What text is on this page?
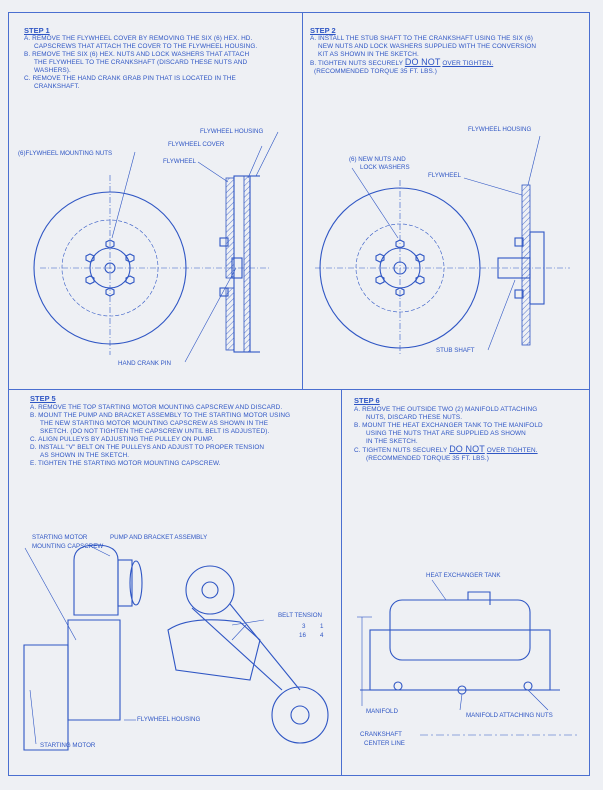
STEP 1
A. REMOVE THE FLYWHEEL COVER BY REMOVING THE SIX (6) HEX. HD.
CAPSCREWS THAT ATTACH THE COVER TO THE FLYWHEEL HOUSING.
B. REMOVE THE SIX (6) HEX. NUTS AND LOCK WASHERS THAT ATTACH
THE FLYWHEEL TO THE CRANKSHAFT (DISCARD THESE NUTS AND
WASHERS).
C. REMOVE THE HAND CRANK GRAB PIN THAT IS LOCATED IN THE
CRANKSHAFT.
FLYWHEEL HOUSING
FLYWHEEL COVER
FLYWHEEL
(6)FLYWHEEL MOUNTING NUTS
HAND CRANK PIN
STEP 2
A. INSTALL THE STUB SHAFT TO THE CRANKSHAFT USING THE SIX (6)
NEW NUTS AND LOCK WASHERS SUPPLIED WITH THE CONVERSION
KIT AS SHOWN IN THE SKETCH.
B. TIGHTEN NUTS SECURELY DO NOT OVER TIGHTEN.
(RECOMMENDED TORQUE 35 FT. LBS.)
FLYWHEEL HOUSING
(6) NEW NUTS AND
LOCK WASHERS
FLYWHEEL
STUB SHAFT
STEP 5
A. REMOVE THE TOP STARTING MOTOR MOUNTING CAPSCREW AND DISCARD.
B. MOUNT THE PUMP AND BRACKET ASSEMBLY TO THE STARTING MOTOR USING
THE NEW STARTING MOTOR MOUNTING CAPSCREW AS SHOWN IN THE
SKETCH. (DO NOT TIGHTEN THE CAPSCREW UNTIL BELT IS ADJUSTED).
C. ALIGN PULLEYS BY ADJUSTING THE PULLEY ON PUMP.
D. INSTALL "V" BELT ON THE PULLEYS AND ADJUST TO PROPER TENSION
AS SHOWN IN THE SKETCH.
E. TIGHTEN THE STARTING MOTOR MOUNTING CAPSCREW.
STARTING MOTOR
MOUNTING CAPSCREW
PUMP AND BRACKET ASSEMBLY
BELT TENSION
3
16
1
4
FLYWHEEL HOUSING
STARTING MOTOR
STEP 6
A. REMOVE THE OUTSIDE TWO (2) MANIFOLD ATTACHING
NUTS, DISCARD THESE NUTS.
B. MOUNT THE HEAT EXCHANGER TANK TO THE MANIFOLD
USING THE NUTS THAT ARE SUPPLIED AS SHOWN
IN THE SKETCH.
C. TIGHTEN NUTS SECURELY DO NOT OVER TIGHTEN.
(RECOMMENDED TORQUE 35 FT. LBS.)
HEAT EXCHANGER TANK
MANIFOLD
MANIFOLD ATTACHING NUTS
CRANKSHAFT
CENTER LINE
